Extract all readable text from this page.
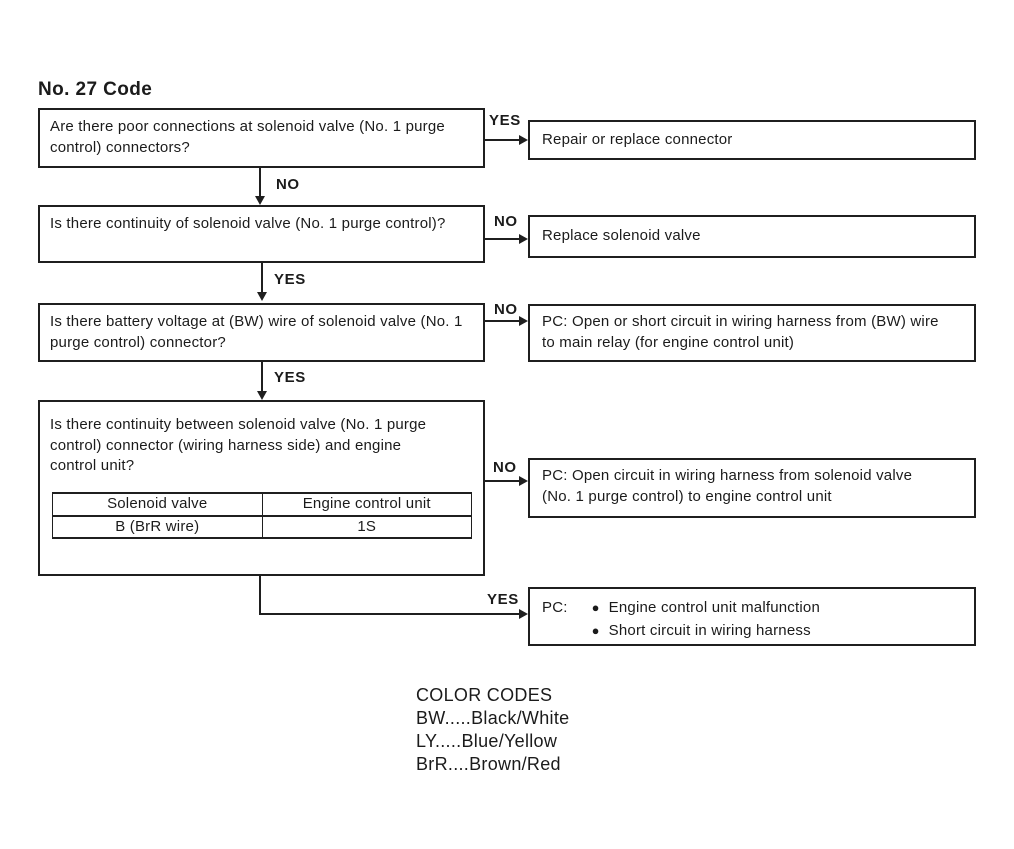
No. 27 Code
Are there poor connections at solenoid valve (No. 1 purge control) connectors?
Is there continuity of solenoid valve (No. 1 purge control)?
Is there battery voltage at (BW) wire of solenoid valve (No. 1 purge control) connector?
Is there continuity between solenoid valve (No. 1 purge control) connector (wiring harness side) and engine control unit?
Solenoid valve	Engine control unit
B (BrR wire)	1S
Repair or replace connector
Replace solenoid valve
PC: Open or short circuit in wiring harness from (BW) wire to main relay (for engine control unit)
PC: Open circuit in wiring harness from solenoid valve (No. 1 purge control) to engine control unit
PC: ● Engine control unit malfunction
● Short circuit in wiring harness
YES
NO
NO
YES
NO
YES
NO
YES
COLOR CODES
BW.....Black/White
LY.....Blue/Yellow
BrR....Brown/Red
